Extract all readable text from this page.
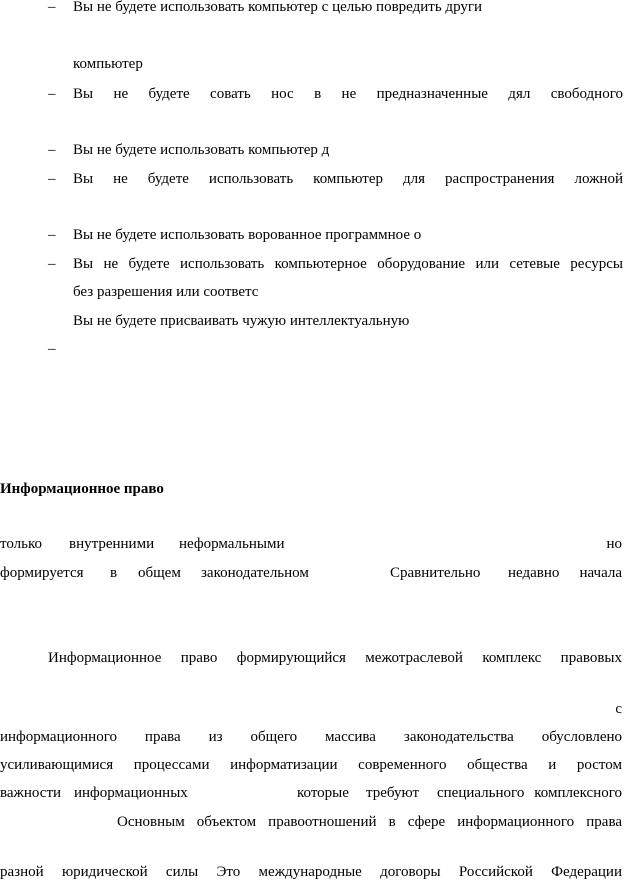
– Вы не будете использовать компьютер с целью повредить други
компьютер
– Вы не будете совать нос в не предназначенные дял свободного
– Вы не будете использовать компьютер д
– Вы не будете использовать компьютер для распространения ложной
– Вы не будете использовать ворованное программное о
– Вы не будете использовать компьютерное оборудование или сетевые ресурсы
без разрешения или соответс
Вы не будете присваивать чужую интеллектуальную
–
Информационное право
только внутренними неформальными	но
формируется в общем законодательном	Сравнительно недавно начала
Информационное право формирующийся межотраслевой комплекс правовых
с
информационного права из общего массива законодательства обусловлено
усиливающимися процессами информатизации современного общества и ростом
важности информационных	которые требуют специального комплексного
Основным объектом правоотношений в сфере информационного права
разной юридической силы Это международные договоры Российской Федерации
